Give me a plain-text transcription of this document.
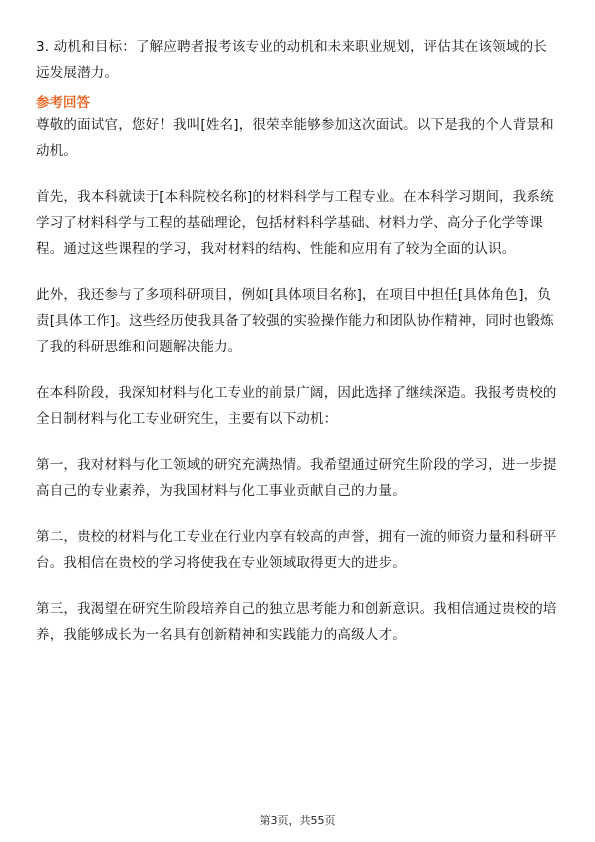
3. 动机和目标：了解应聘者报考该专业的动机和未来职业规划，评估其在该领域的长远发展潜力。

参考回答

尊敬的面试官，您好！我叫[姓名]，很荣幸能够参加这次面试。以下是我的个人背景和动机。

首先，我本科就读于[本科院校名称]的材料科学与工程专业。在本科学习期间，我系统学习了材料科学与工程的基础理论，包括材料科学基础、材料力学、高分子化学等课程。通过这些课程的学习，我对材料的结构、性能和应用有了较为全面的认识。

此外，我还参与了多项科研项目，例如[具体项目名称]，在项目中担任[具体角色]，负责[具体工作]。这些经历使我具备了较强的实验操作能力和团队协作精神，同时也锻炼了我的科研思维和问题解决能力。

在本科阶段，我深知材料与化工专业的前景广阔，因此选择了继续深造。我报考贵校的全日制材料与化工专业研究生，主要有以下动机：

第一，我对材料与化工领域的研究充满热情。我希望通过研究生阶段的学习，进一步提高自己的专业素养，为我国材料与化工事业贡献自己的力量。

第二，贵校的材料与化工专业在行业内享有较高的声誉，拥有一流的师资力量和科研平台。我相信在贵校的学习将使我在专业领域取得更大的进步。

第三，我渴望在研究生阶段培养自己的独立思考能力和创新意识。我相信通过贵校的培养，我能够成长为一名具有创新精神和实践能力的高级人才。

第3页，共55页
